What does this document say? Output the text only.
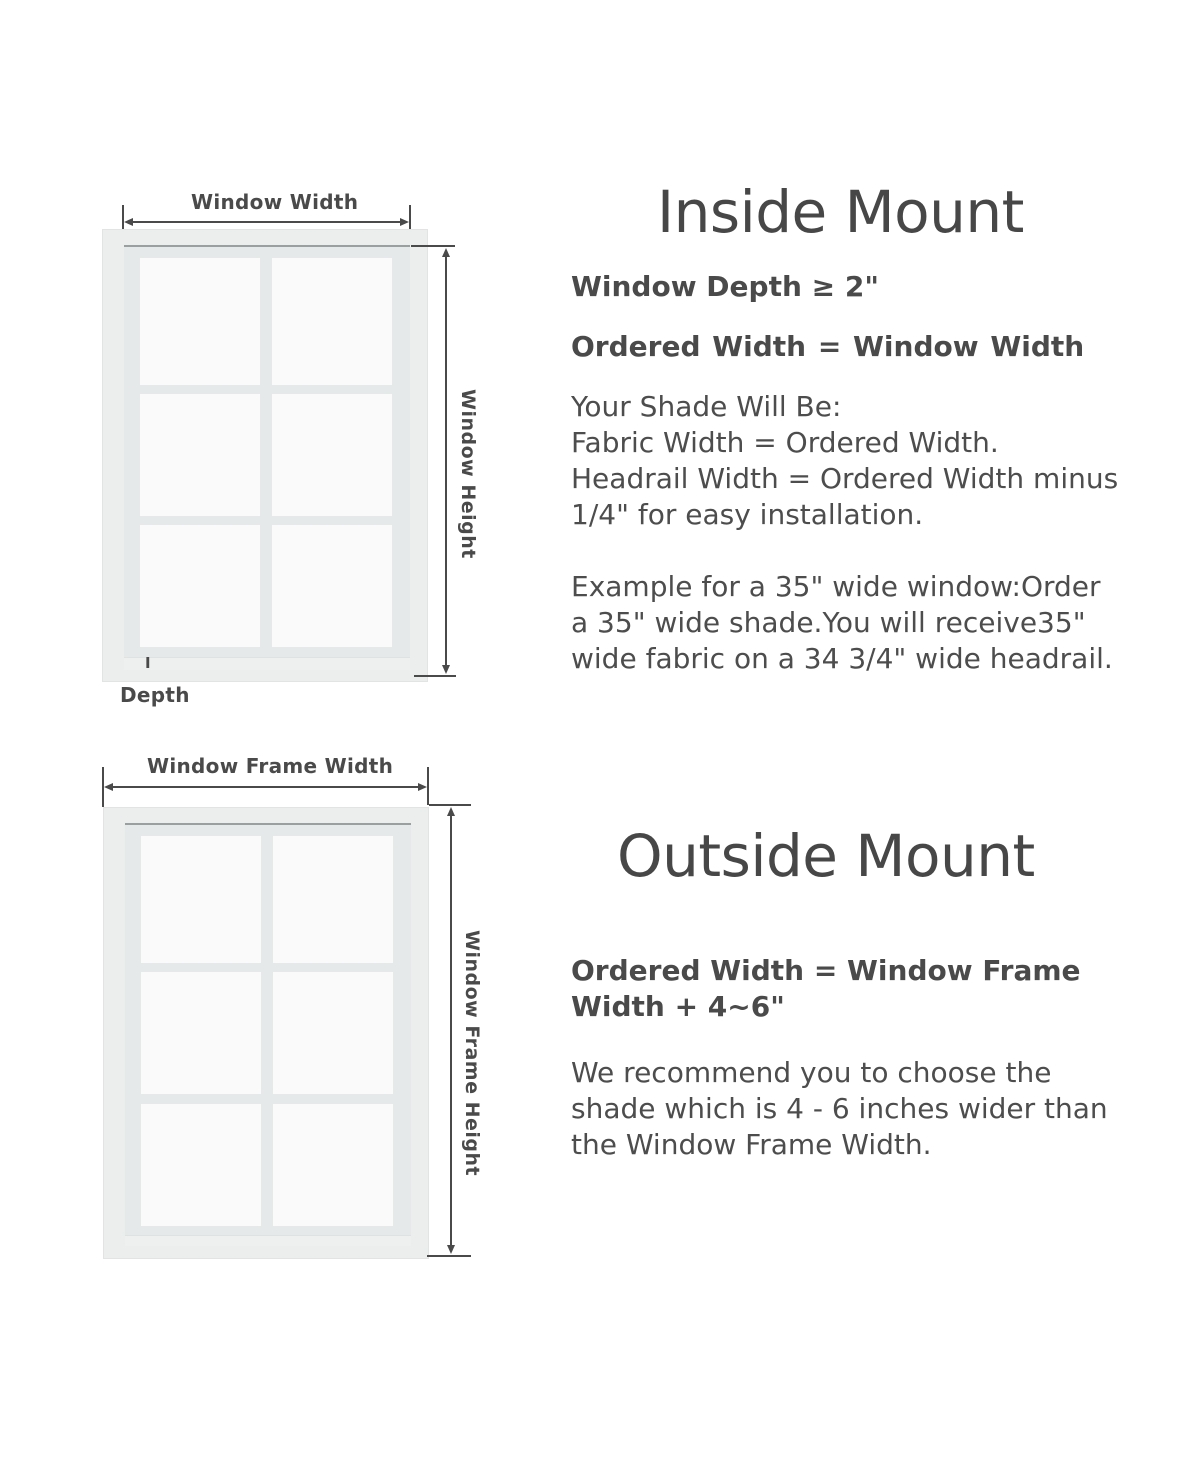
Window Width
I
Depth
Window Height
Inside Mount
Window Depth ≥ 2"
Ordered Width = Window Width
Your Shade Will Be:
Fabric Width = Ordered Width.
Headrail Width = Ordered Width minus
1/4" for easy installation.
Example for a 35" wide window:Order
a 35" wide shade.You will receive35"
wide fabric on a 34 3/4" wide headrail.
Window Frame Width
Window Frame Height
Outside Mount
Ordered Width = Window Frame
Width + 4~6"
We recommend you to choose the
shade which is 4 - 6 inches wider than
the Window Frame Width.
